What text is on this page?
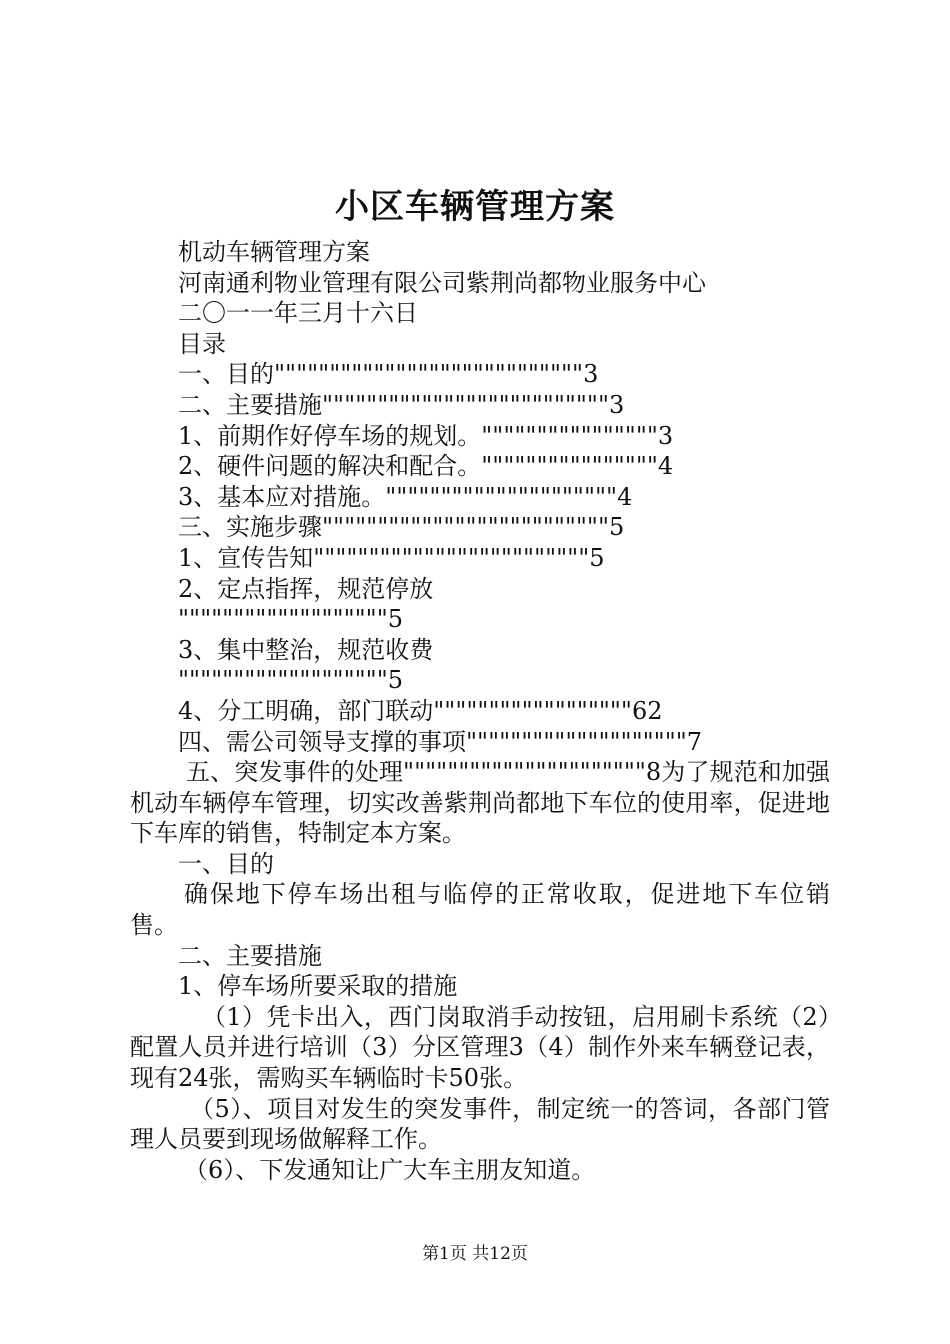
小区车辆管理方案
机动车辆管理方案
河南通利物业管理有限公司紫荆尚都物业服务中心
二〇一一年三月十六日
目录
一、目的""""""""""""""""""""""""""""3
二、主要措施""""""""""""""""""""""""""3
1、前期作好停车场的规划。""""""""""""""""3
2、硬件问题的解决和配合。""""""""""""""""4
3、基本应对措施。"""""""""""""""""""""4
三、实施步骤""""""""""""""""""""""""""5
1、宣传告知"""""""""""""""""""""""""5
2、定点指挥，规范停放
"""""""""""""""""""5
3、集中整治，规范收费
"""""""""""""""""""5
4、分工明确，部门联动""""""""""""""""""62
四、需公司领导支撑的事项""""""""""""""""""""7
五、突发事件的处理""""""""""""""""""""""8为了规范和加强机动车辆停车管理，切实改善紫荆尚都地下车位的使用率，促进地下车库的销售，特制定本方案。
一、目的
确保地下停车场出租与临停的正常收取，促进地下车位销售。
二、主要措施
1、停车场所要采取的措施
（1）凭卡出入，西门岗取消手动按钮，启用刷卡系统（2）配置人员并进行培训（3）分区管理3（4）制作外来车辆登记表，现有24张，需购买车辆临时卡50张。
（5）、项目对发生的突发事件，制定统一的答词，各部门管理人员要到现场做解释工作。
（6）、下发通知让广大车主朋友知道。
第1页 共12页
